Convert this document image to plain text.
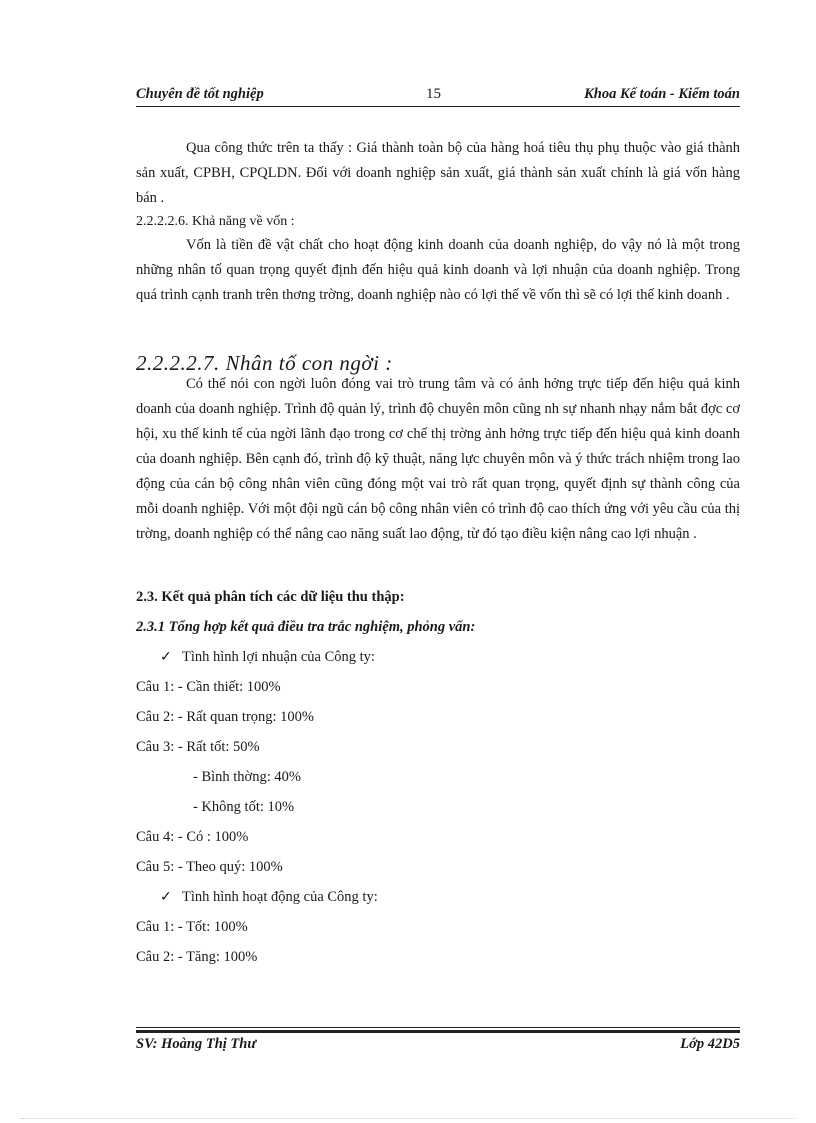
Chuyên đề tốt nghiệp	15	Khoa Kế toán - Kiểm toán

Qua công thức trên ta thấy : Giá thành toàn bộ của hàng hoá tiêu thụ phụ thuộc vào giá thành sản xuất, CPBH, CPQLDN. Đối với doanh nghiệp sản xuất, giá thành sản xuất chính là giá vốn hàng bán .

2.2.2.2.6. Khả năng về vốn :

Vốn là tiền đề vật chất cho hoạt động kinh doanh của doanh nghiệp, do vậy nó là một trong những nhân tố quan trọng quyết định đến hiệu quả kinh doanh và lợi nhuận của doanh nghiệp. Trong quá trình cạnh tranh trên thơng trờng, doanh nghiệp nào có lợi thế về vốn thì sẽ có lợi thế kinh doanh .

2.2.2.2.7. Nhân tố con ngời :

Có thể nói con ngời luôn đóng vai trò trung tâm và có ảnh hởng trực tiếp đến hiệu quả kinh doanh của doanh nghiệp. Trình độ quản lý, trình độ chuyên môn cũng nh sự nhanh nhạy nắm bắt đợc cơ hội, xu thế kinh tế của ngời lãnh đạo trong cơ chế thị trờng ảnh hởng trực tiếp đến hiệu quả kinh doanh của doanh nghiệp. Bên cạnh đó, trình độ kỹ thuật, năng lực chuyên môn và ý thức trách nhiệm trong lao động của cán bộ công nhân viên cũng đóng một vai trò rất quan trọng, quyết định sự thành công của mỗi doanh nghiệp. Với một đội ngũ cán bộ công nhân viên có trình độ cao thích ứng với yêu cầu của thị trờng, doanh nghiệp có thể nâng cao năng suất lao động, từ đó tạo điều kiện nâng cao lợi nhuận .

2.3. Kết quả phân tích các dữ liệu thu thập:
2.3.1 Tổng hợp kết quả điều tra trắc nghiệm, phỏng vấn:
✓ Tình hình lợi nhuận của Công ty:
Câu 1: - Cần thiết: 100%
Câu 2: - Rất quan trọng: 100%
Câu 3: - Rất tốt: 50%
- Bình thờng: 40%
- Không tốt: 10%
Câu 4: - Có : 100%
Câu 5: - Theo quý: 100%
✓ Tình hình hoạt động của Công ty:
Câu 1: - Tốt: 100%
Câu 2: - Tăng: 100%
SV: Hoàng Thị Thư	Lớp 42D5
